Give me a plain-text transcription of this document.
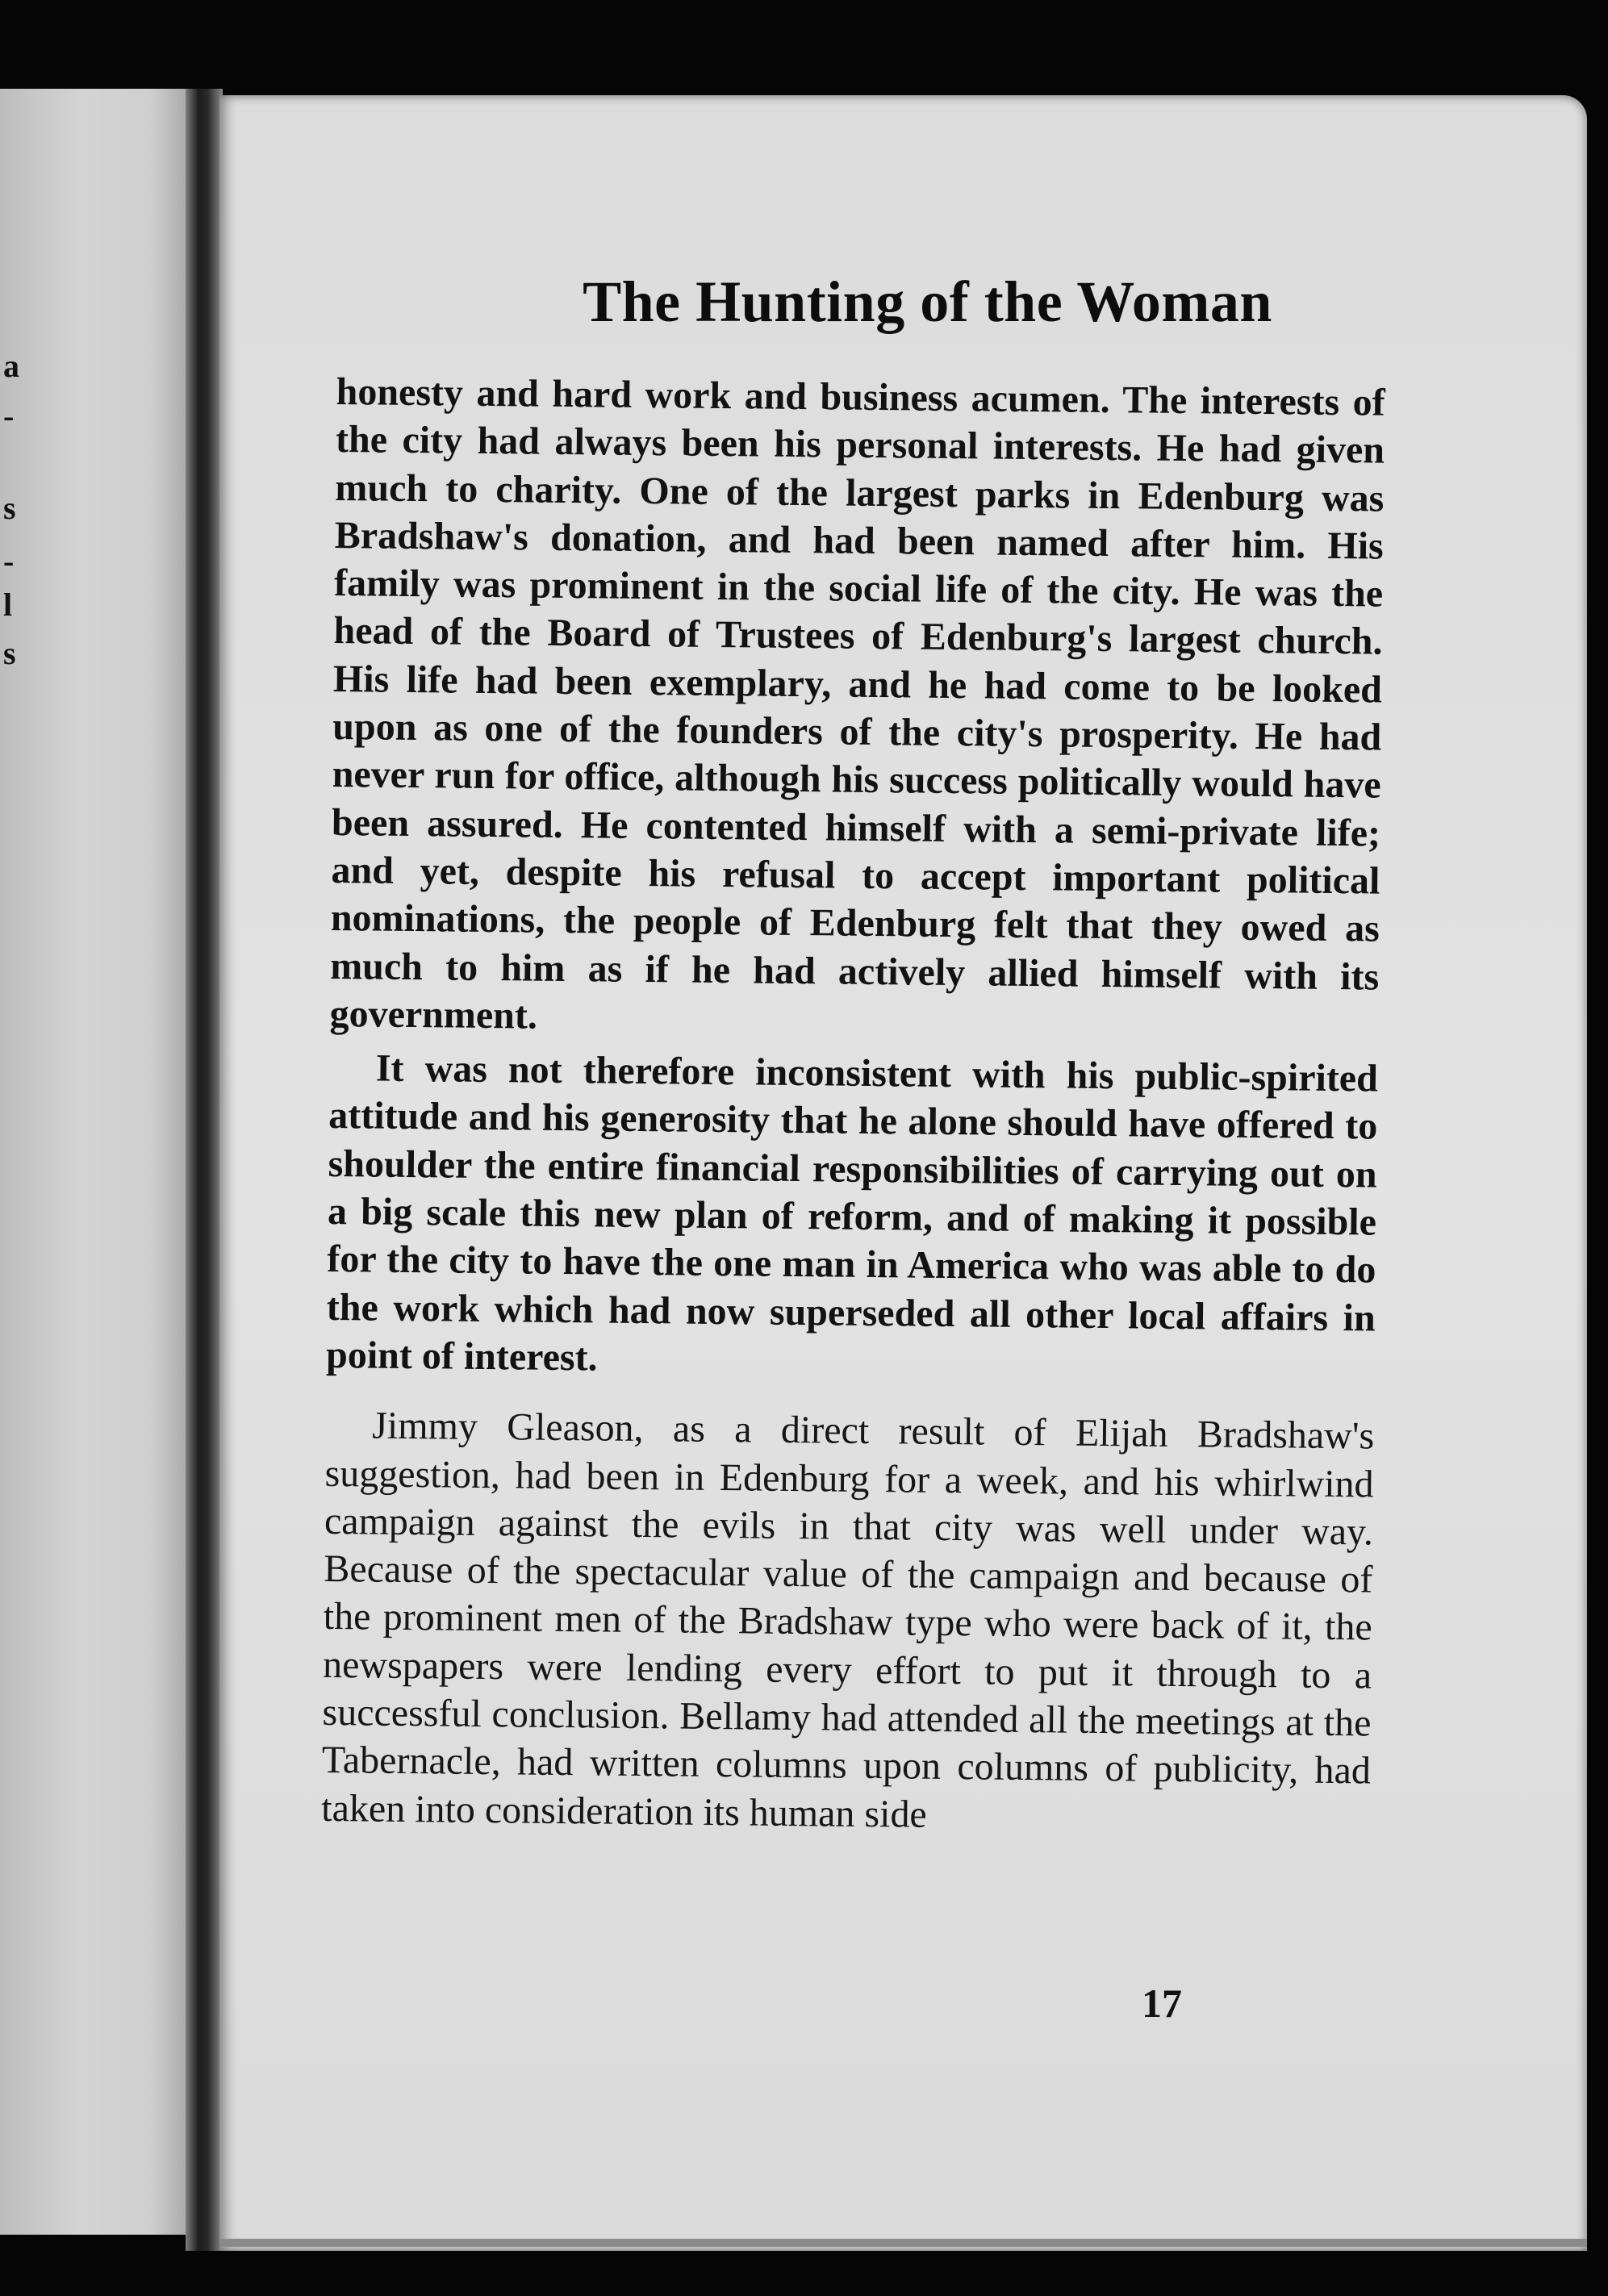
a
-
s
-
l
s
The Hunting of the Woman

honesty and hard work and business acumen. The interests of the city had always been his personal interests. He had given much to charity. One of the largest parks in Edenburg was Bradshaw's donation, and had been named after him. His family was prominent in the social life of the city. He was the head of the Board of Trustees of Edenburg's largest church. His life had been exemplary, and he had come to be looked upon as one of the founders of the city's prosperity. He had never run for office, although his success politically would have been assured. He contented himself with a semi-private life; and yet, despite his refusal to accept important political nominations, the people of Edenburg felt that they owed as much to him as if he had actively allied himself with its government.

It was not therefore inconsistent with his public-spirited attitude and his generosity that he alone should have offered to shoulder the entire financial responsibilities of carrying out on a big scale this new plan of reform, and of making it possible for the city to have the one man in America who was able to do the work which had now superseded all other local affairs in point of interest.

Jimmy Gleason, as a direct result of Elijah Bradshaw's suggestion, had been in Edenburg for a week, and his whirlwind campaign against the evils in that city was well under way. Because of the spectacular value of the campaign and because of the prominent men of the Bradshaw type who were back of it, the newspapers were lending every effort to put it through to a successful conclusion. Bellamy had attended all the meetings at the Tabernacle, had written columns upon columns of publicity, had taken into consideration its human side

17
